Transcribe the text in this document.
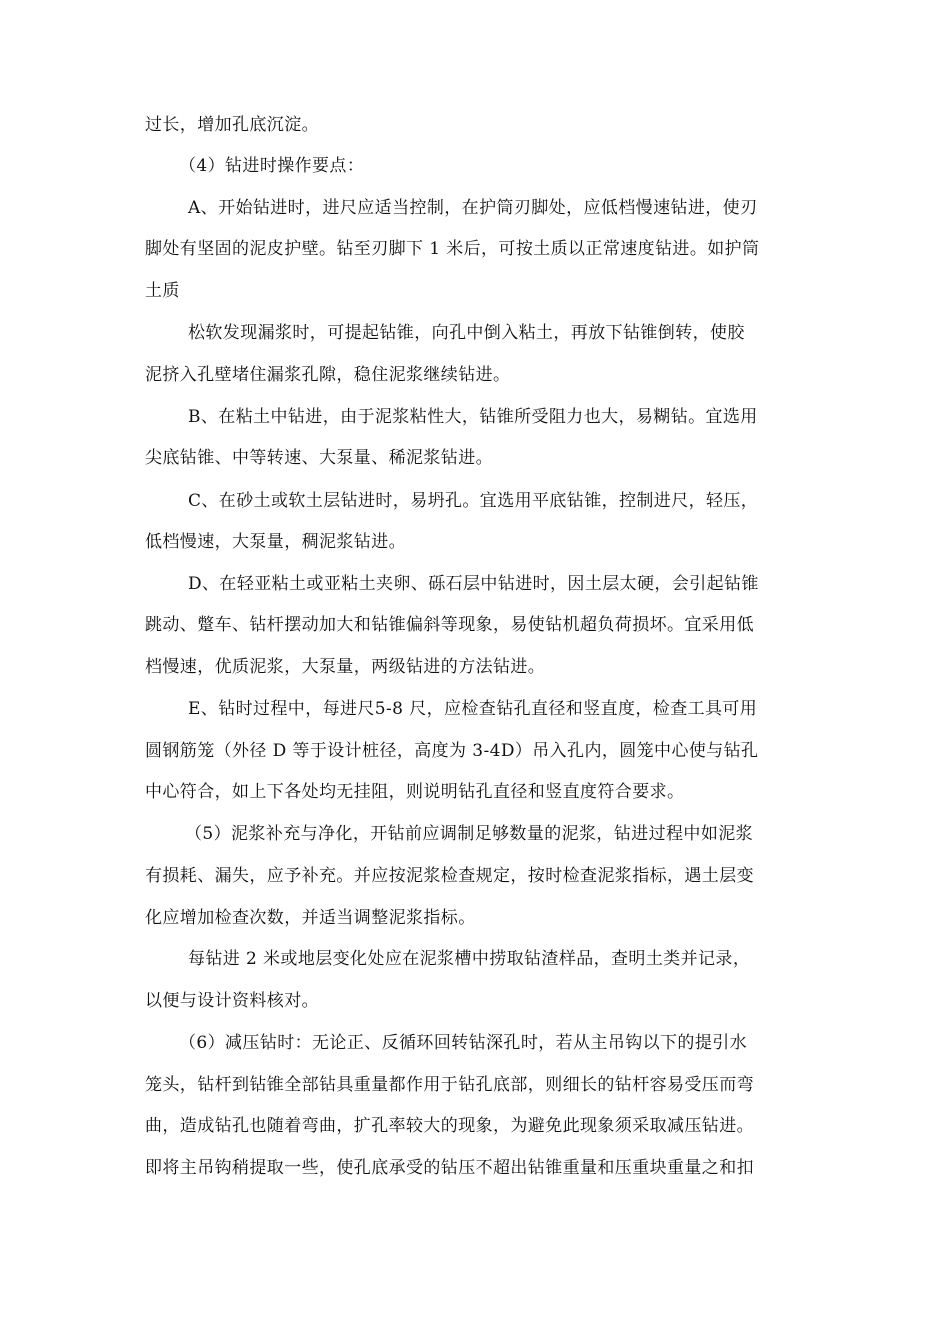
过长，增加孔底沉淀。
（4）钻进时操作要点：
A、开始钻进时，进尺应适当控制，在护筒刃脚处，应低档慢速钻进，使刃
脚处有坚固的泥皮护壁。钻至刃脚下 1 米后，可按土质以正常速度钻进。如护筒
土质
松软发现漏浆时，可提起钻锥，向孔中倒入粘土，再放下钻锥倒转，使胶
泥挤入孔壁堵住漏浆孔隙，稳住泥浆继续钻进。
B、在粘土中钻进，由于泥浆粘性大，钻锥所受阻力也大，易糊钻。宜选用
尖底钻锥、中等转速、大泵量、稀泥浆钻进。
C、在砂土或软土层钻进时，易坍孔。宜选用平底钻锥，控制进尺，轻压，
低档慢速，大泵量，稠泥浆钻进。
D、在轻亚粘土或亚粘土夹卵、砾石层中钻进时，因土层太硬，会引起钻锥
跳动、蹩车、钻杆摆动加大和钻锥偏斜等现象，易使钻机超负荷损坏。宜采用低
档慢速，优质泥浆，大泵量，两级钻进的方法钻进。
E、钻时过程中，每进尺5-8 尺，应检查钻孔直径和竖直度，检查工具可用
圆钢筋笼（外径 D 等于设计桩径，高度为 3-4D）吊入孔内，圆笼中心使与钻孔
中心符合，如上下各处均无挂阻，则说明钻孔直径和竖直度符合要求。
（5）泥浆补充与净化，开钻前应调制足够数量的泥浆，钻进过程中如泥浆
有损耗、漏失，应予补充。并应按泥浆检查规定，按时检查泥浆指标，遇土层变
化应增加检查次数，并适当调整泥浆指标。
每钻进 2 米或地层变化处应在泥浆槽中捞取钻渣样品，查明土类并记录，
以便与设计资料核对。
（6）减压钻时：无论正、反循环回转钻深孔时，若从主吊钩以下的提引水
笼头，钻杆到钻锥全部钻具重量都作用于钻孔底部，则细长的钻杆容易受压而弯
曲，造成钻孔也随着弯曲，扩孔率较大的现象，为避免此现象须采取减压钻进。
即将主吊钩稍提取一些，使孔底承受的钻压不超出钻锥重量和压重块重量之和扣
